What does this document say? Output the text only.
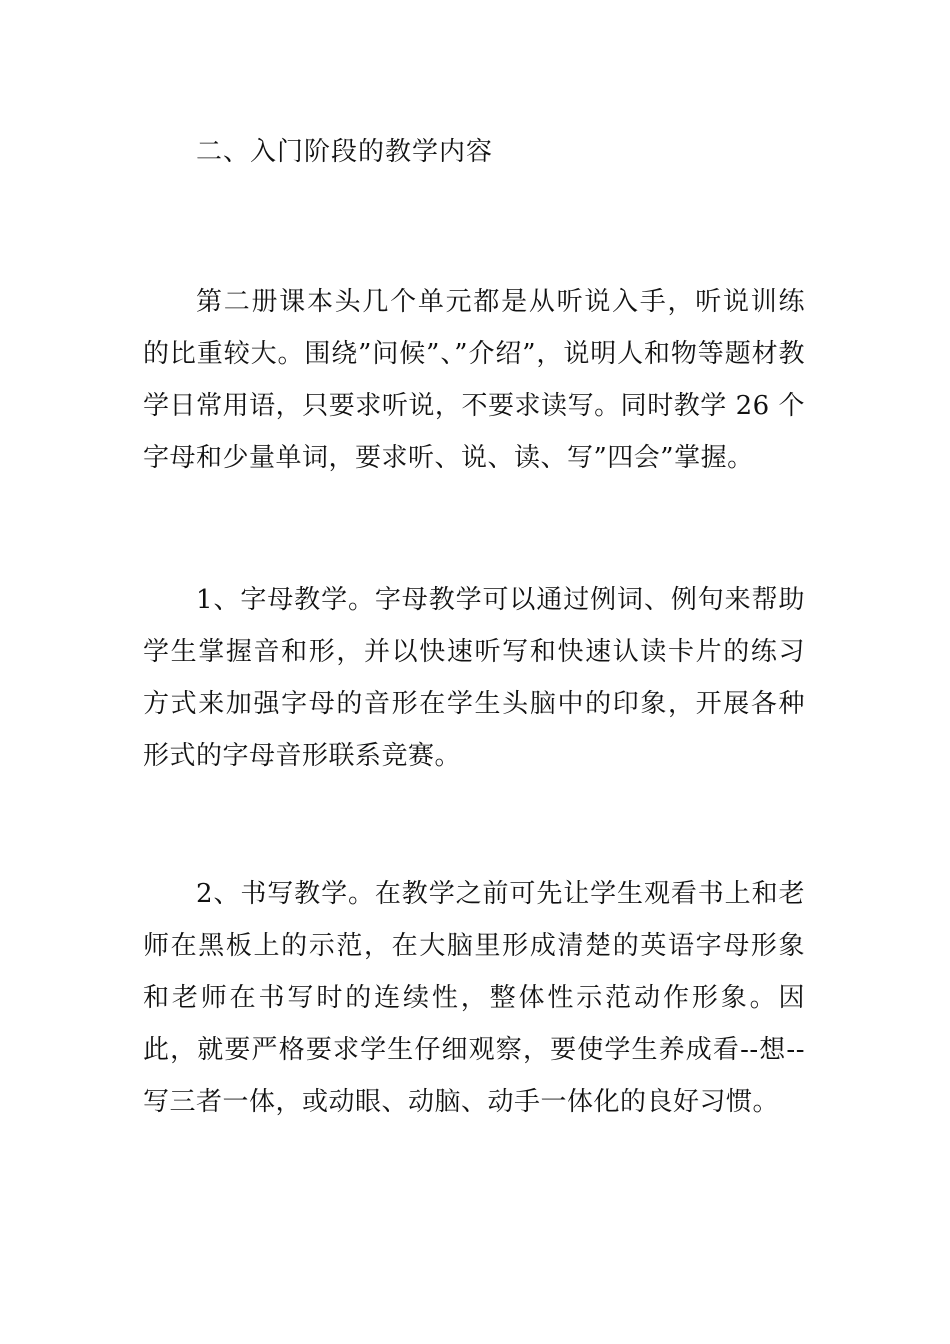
二、入门阶段的教学内容

第二册课本头几个单元都是从听说入手，听说训练的比重较大。围绕”问候”、”介绍”，说明人和物等题材教学日常用语，只要求听说，不要求读写。同时教学 26 个字母和少量单词，要求听、说、读、写”四会”掌握。

1、字母教学。字母教学可以通过例词、例句来帮助学生掌握音和形，并以快速听写和快速认读卡片的练习方式来加强字母的音形在学生头脑中的印象，开展各种形式的字母音形联系竞赛。

2、书写教学。在教学之前可先让学生观看书上和老师在黑板上的示范，在大脑里形成清楚的英语字母形象和老师在书写时的连续性，整体性示范动作形象。因此，就要严格要求学生仔细观察，要使学生养成看--想--写三者一体，或动眼、动脑、动手一体化的良好习惯。
